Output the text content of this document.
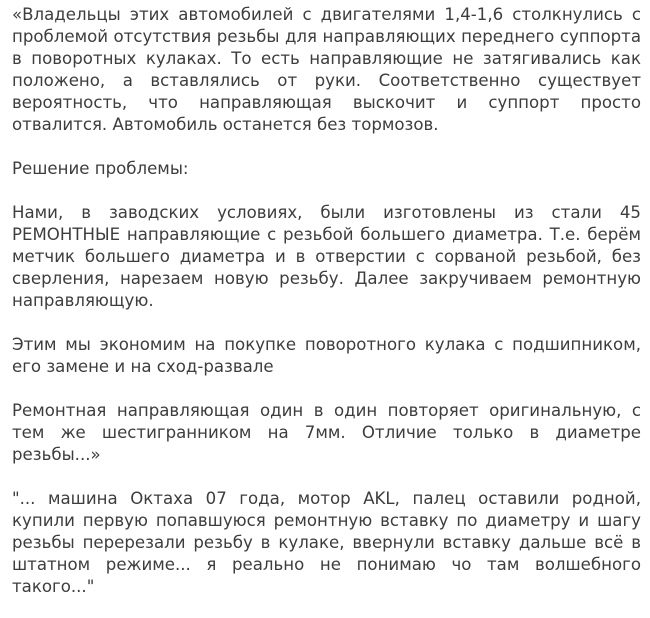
«Владельцы этих автомобилей с двигателями 1,4-1,6 столкнулись с проблемой отсутствия резьбы для направляющих переднего суппорта в поворотных кулаках. То есть направляющие не затягивались как положено, а вставлялись от руки. Соответственно существует вероятность, что направляющая выскочит и суппорт просто отвалится. Автомобиль останется без тормозов.

Решение проблемы:

Нами, в заводских условиях, были изготовлены из стали 45 РЕМОНТНЫЕ направляющие с резьбой большего диаметра. Т.е. берём метчик большего диаметра и в отверстии с сорваной резьбой, без сверления, нарезаем новую резьбу. Далее закручиваем ремонтную направляющую.

Этим мы экономим на покупке поворотного кулака с подшипником, его замене и на сход-развале

Ремонтная направляющая один в один повторяет оригинальную, с тем же шестигранником на 7мм. Отличие только в диаметре резьбы...»

"... машина Октаха 07 года, мотор AKL, палец оставили родной, купили первую попавшуюся ремонтную вставку по диаметру и шагу резьбы перерезали резьбу в кулаке, ввернули вставку дальше всё в штатном режиме... я реально не понимаю чо там волшебного такого..."
